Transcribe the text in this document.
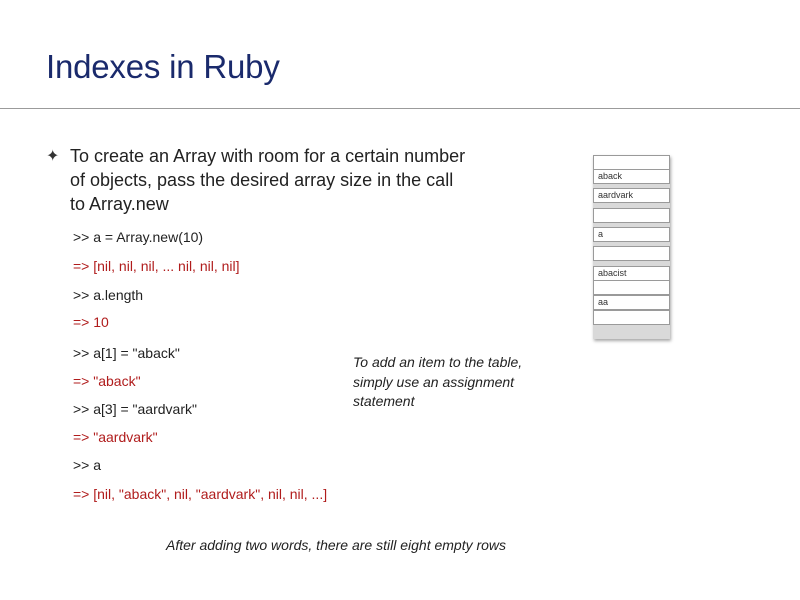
Indexes in Ruby
✦ To create an Array with room for a certain number of objects, pass the desired array size in the call to Array.new
>> a = Array.new(10)
=> [nil, nil, nil, ... nil, nil, nil]
>> a.length
=> 10
>> a[1] = "aback"
=> "aback"
>> a[3] = "aardvark"
=> "aardvark"
>> a
=> [nil, "aback", nil, "aardvark", nil, nil, ...]
To add an item to the table, simply use an assignment statement
After adding two words, there are still eight empty rows
aback
aardvark
a
abacist
aa
